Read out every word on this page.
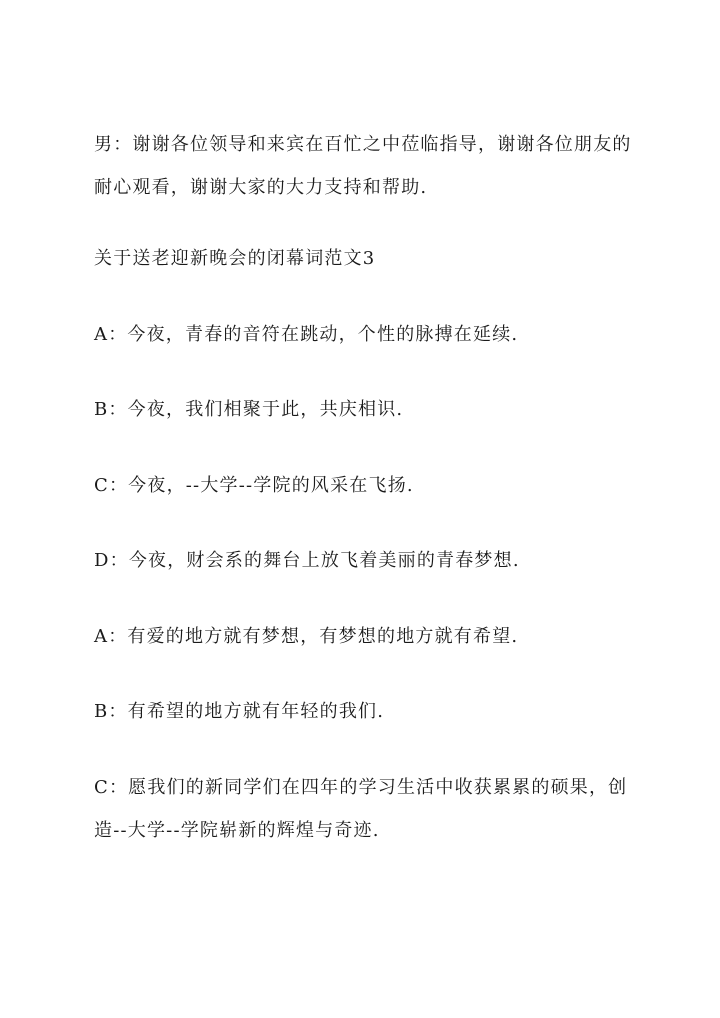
男：谢谢各位领导和来宾在百忙之中莅临指导，谢谢各位朋友的
耐心观看，谢谢大家的大力支持和帮助.
关于送老迎新晚会的闭幕词范文3
A：今夜，青春的音符在跳动，个性的脉搏在延续.
B：今夜，我们相聚于此，共庆相识.
C：今夜，--大学--学院的风采在飞扬.
D：今夜，财会系的舞台上放飞着美丽的青春梦想.
A：有爱的地方就有梦想，有梦想的地方就有希望.
B：有希望的地方就有年轻的我们.
C：愿我们的新同学们在四年的学习生活中收获累累的硕果，创
造--大学--学院崭新的辉煌与奇迹.
